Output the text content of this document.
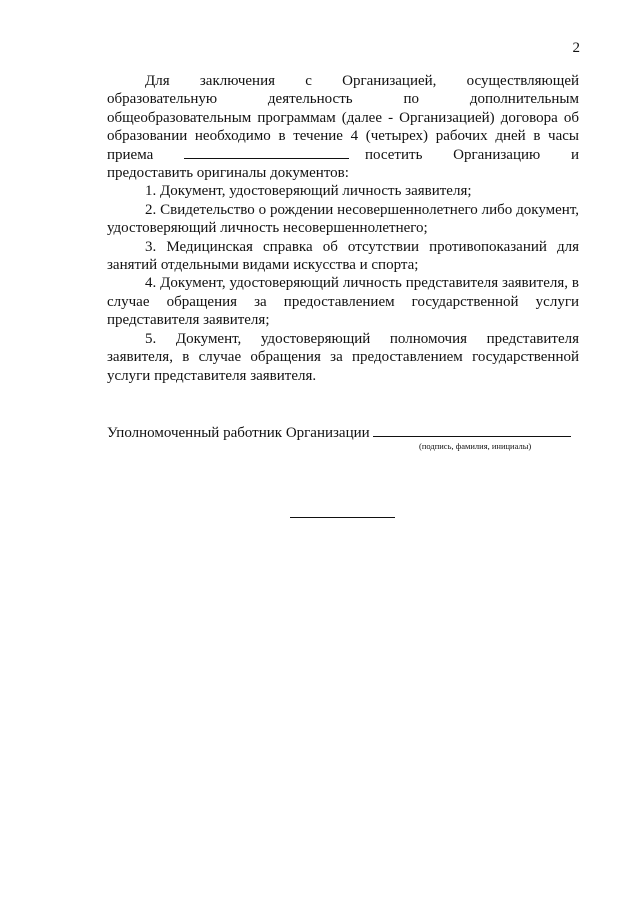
2

Для заключения с Организацией, осуществляющей образовательную деятельность по дополнительным общеобразовательным программам (далее - Организацией) договора об образовании необходимо в течение 4 (четырех) рабочих дней в часы приема	посетить Организацию и предоставить оригиналы документов:

1. Документ, удостоверяющий личность заявителя;

2. Свидетельство о рождении несовершеннолетнего либо документ, удостоверяющий личность несовершеннолетнего;

3. Медицинская справка об отсутствии противопоказаний для занятий отдельными видами искусства и спорта;

4. Документ, удостоверяющий личность представителя заявителя, в случае обращения за предоставлением государственной услуги представителя заявителя;

5. Документ, удостоверяющий полномочия представителя заявителя, в случае обращения за предоставлением государственной услуги представителя заявителя.

Уполномоченный работник Организации
(подпись, фамилия, инициалы)
